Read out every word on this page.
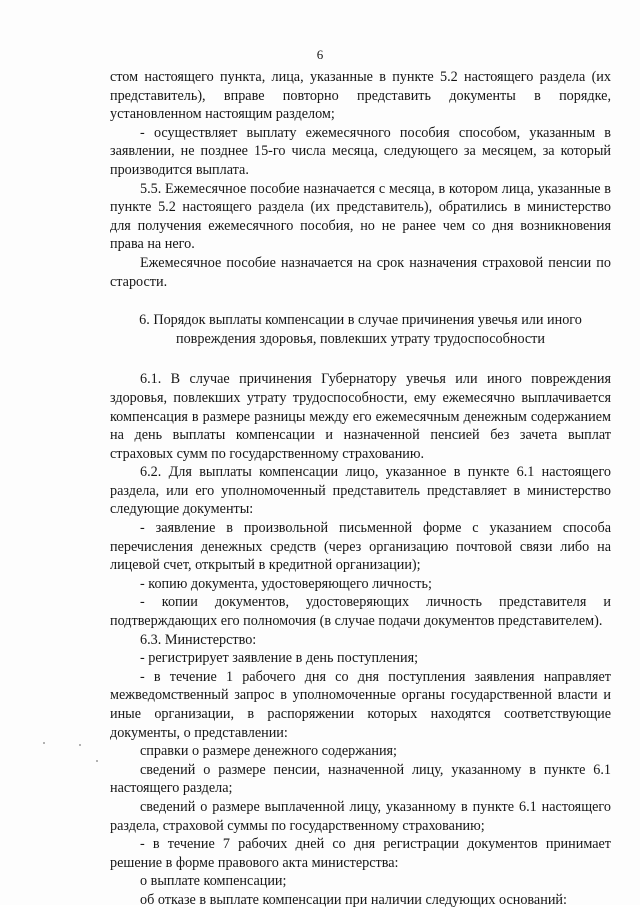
6

стом настоящего пункта, лица, указанные в пункте 5.2 настоящего раздела (их представитель), вправе повторно представить документы в порядке, установленном настоящим разделом;

- осуществляет выплату ежемесячного пособия способом, указанным в заявлении, не позднее 15-го числа месяца, следующего за месяцем, за который производится выплата.

5.5. Ежемесячное пособие назначается с месяца, в котором лица, указанные в пункте 5.2 настоящего раздела (их представитель), обратились в министерство для получения ежемесячного пособия, но не ранее чем со дня возникновения права на него.

Ежемесячное пособие назначается на срок назначения страховой пенсии по старости.

6. Порядок выплаты компенсации в случае причинения увечья или иного повреждения здоровья, повлекших утрату трудоспособности

6.1. В случае причинения Губернатору увечья или иного повреждения здоровья, повлекших утрату трудоспособности, ему ежемесячно выплачивается компенсация в размере разницы между его ежемесячным денежным содержанием на день выплаты компенсации и назначенной пенсией без зачета выплат страховых сумм по государственному страхованию.

6.2. Для выплаты компенсации лицо, указанное в пункте 6.1 настоящего раздела, или его уполномоченный представитель представляет в министерство следующие документы:

- заявление в произвольной письменной форме с указанием способа перечисления денежных средств (через организацию почтовой связи либо на лицевой счет, открытый в кредитной организации);

- копию документа, удостоверяющего личность;

- копии документов, удостоверяющих личность представителя и подтверждающих его полномочия (в случае подачи документов представителем).

6.3. Министерство:

- регистрирует заявление в день поступления;

- в течение 1 рабочего дня со дня поступления заявления направляет межведомственный запрос в уполномоченные органы государственной власти и иные организации, в распоряжении которых находятся соответствующие документы, о представлении:

справки о размере денежного содержания;

сведений о размере пенсии, назначенной лицу, указанному в пункте 6.1 настоящего раздела;

сведений о размере выплаченной лицу, указанному в пункте 6.1 настоящего раздела, страховой суммы по государственному страхованию;

- в течение 7 рабочих дней со дня регистрации документов принимает решение в форме правового акта министерства:

о выплате компенсации;

об отказе в выплате компенсации при наличии следующих оснований:
